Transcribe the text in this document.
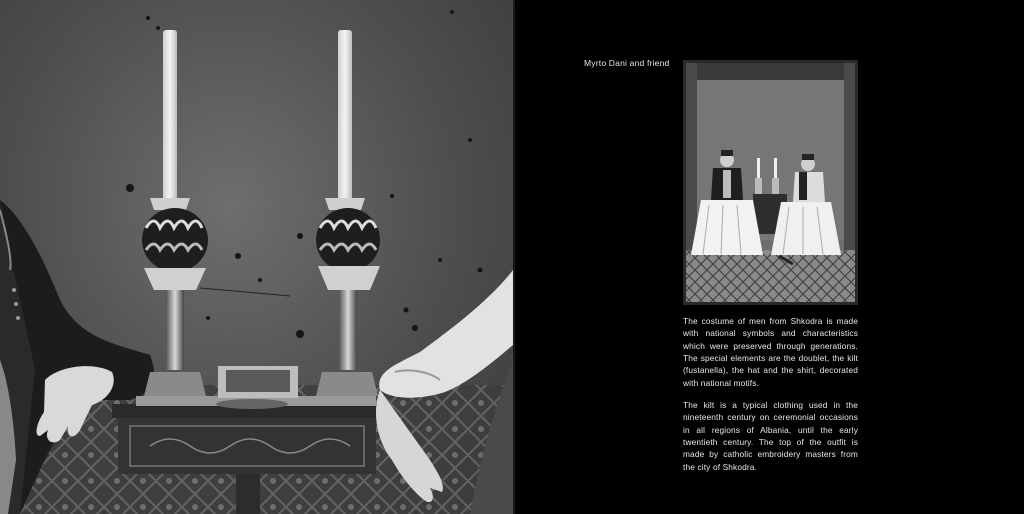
Myrto Dani and friend
The costume of men from Shkodra is made with national symbols and characteristics which were preserved through generations. The special elements are the doublet, the kilt (fustanella), the hat and the shirt, decorated with national motifs.
The kilt is a typical clothing used in the nineteenth century on ceremonial occasions in all regions of Albania, until the early twentieth century. The top of the outfit is made by catholic embroidery masters from the city of Shkodra.
